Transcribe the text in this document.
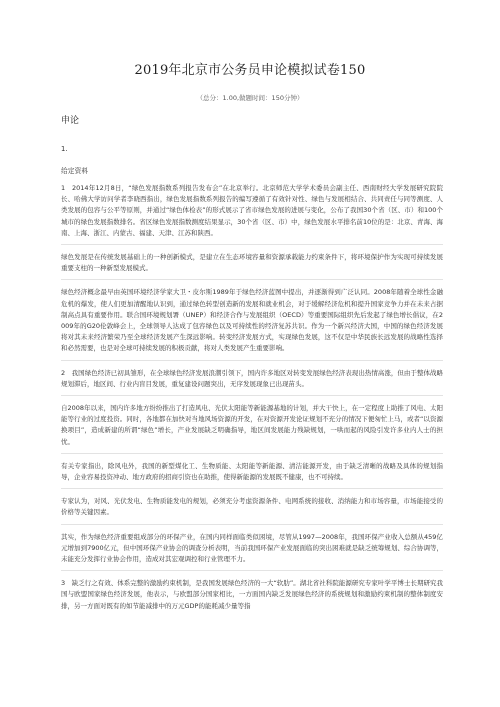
2019年北京市公务员申论模拟试卷150
（总分：1.00,做题时间：150分钟）
申论
1.
给定资料

1　2014年12月8日，“绿色发展指数系列报告发布会”在北京举行。北京师范大学学术委员会副主任、西南财经大学发展研究院院长、哈佛大学访问学者李晓西指出，绿色发展指数系列报告的编写遵循了有效针对性、绿色与发展相结合、共同责任与同等测度、人类发展的包容与公平等原则，并通过“绿色体检表”的形式展示了省市绿色发展的进展与变化，公布了我国30个省（区、市）和100个城市的绿色发展指数排名。省区绿色发展指数测度结果显示，30个省（区、市）中，绿色发展水平排名前10位的是：北京、青海、海南、上海、浙江、内蒙古、福建、天津、江苏和陕西。

绿色发展是在传统发展基础上的一种创新模式，是建立在生态环境容量和资源承载能力约束条件下，将环境保护作为实现可持续发展重要支柱的一种新型发展模式。

绿色经济概念最早由英国环境经济学家大卫・皮尔斯1989年于绿色经济蓝图中提出，并逐渐得到广泛认同。2008年随着全球性金融危机的爆发，使人们更加清醒地认识到，通过绿色转型创造新的发展和就业机会，对于缓解经济危机和提升国家竞争力并在未来占据制高点具有重要作用。联合国环境规划署（UNEP）和经济合作与发展组织（OECD）等重要国际组织先后发起了绿色增长倡议，在2009年的G20伦敦峰会上，全球领导人达成了包容绿色以及可持续性的经济复苏共识。作为一个新兴经济大国，中国的绿色经济发展将对其未来经济繁荣乃至全球经济发展产生深远影响。转变经济发展方式，实现绿色发展，这不仅是中华民族长远发展的战略性选择和必然需要，也是对全球可持续发展的积极贡献，将对人类发展产生重要影响。

2　我国绿色经济已初具雏形，在全球绿色经济发展浪潮引领下，国内许多地区对转变发展绿色经济表现出热情高涨，但由于整体战略规划滞后，地区间、行业内盲目发展，重复建设问题突出，无序发展现象已出现苗头。

自2008年以来，国内许多地方纷纷推出了打造风电、光伏太阳能等新能源基地的计划，并大干快上，在一定程度上助推了风电、太阳能等行业的过度投资。同时，各地都在加快对当地风场资源的开发，在对资源开发论证规划不充分的情况下便匆忙上马，或者“以资源换项目”，造成新建的所谓“绿色”增长，产业发展缺乏明确指导，地区间发展能力残缺规划，一哄而起的风险引发许多业内人士的担忧。

有关专家指出，除风电外，我国的新型煤化工、生物质能、太阳能等新能源、清洁能源开发，由于缺乏清晰的战略及具体的规划指导，企业容易投资冲动、地方政府的招商引资也在助推，使得新能源的发展既不健康，也不可持续。

专家认为，对风、光伏发电、生物质能发电的规划，必须充分考虑资源条件、电网系统的接收、消纳能力和市场容量，市场能接受的价格等关键因素。

其实，作为绿色经济重要组成部分的环保产业，在国内同样面临类似困境，尽管从1997—2008年，我国环保产业收入总额从459亿元增加到7900亿元，但中国环保产业协会的调查分析表明，当前我国环保产业发展面临的突出困难就是缺乏统筹规划、综合协调等，未能充分发挥行业协会作用，造成对其宏观调控和行业管理不力。

3　缺乏行之有效、体系完整的激励约束机制，是我国发展绿色经济的一大“软肋”。湖北省社科院能源研究专家叶学平博士长期研究我国与欧盟国家绿色经济发展，他表示，与欧盟部分国家相比，一方面国内缺乏发展绿色经济的系统规划和激励约束机制的整体制度安排，另一方面对既有的如节能减排中的万元GDP的能耗减少量等指
